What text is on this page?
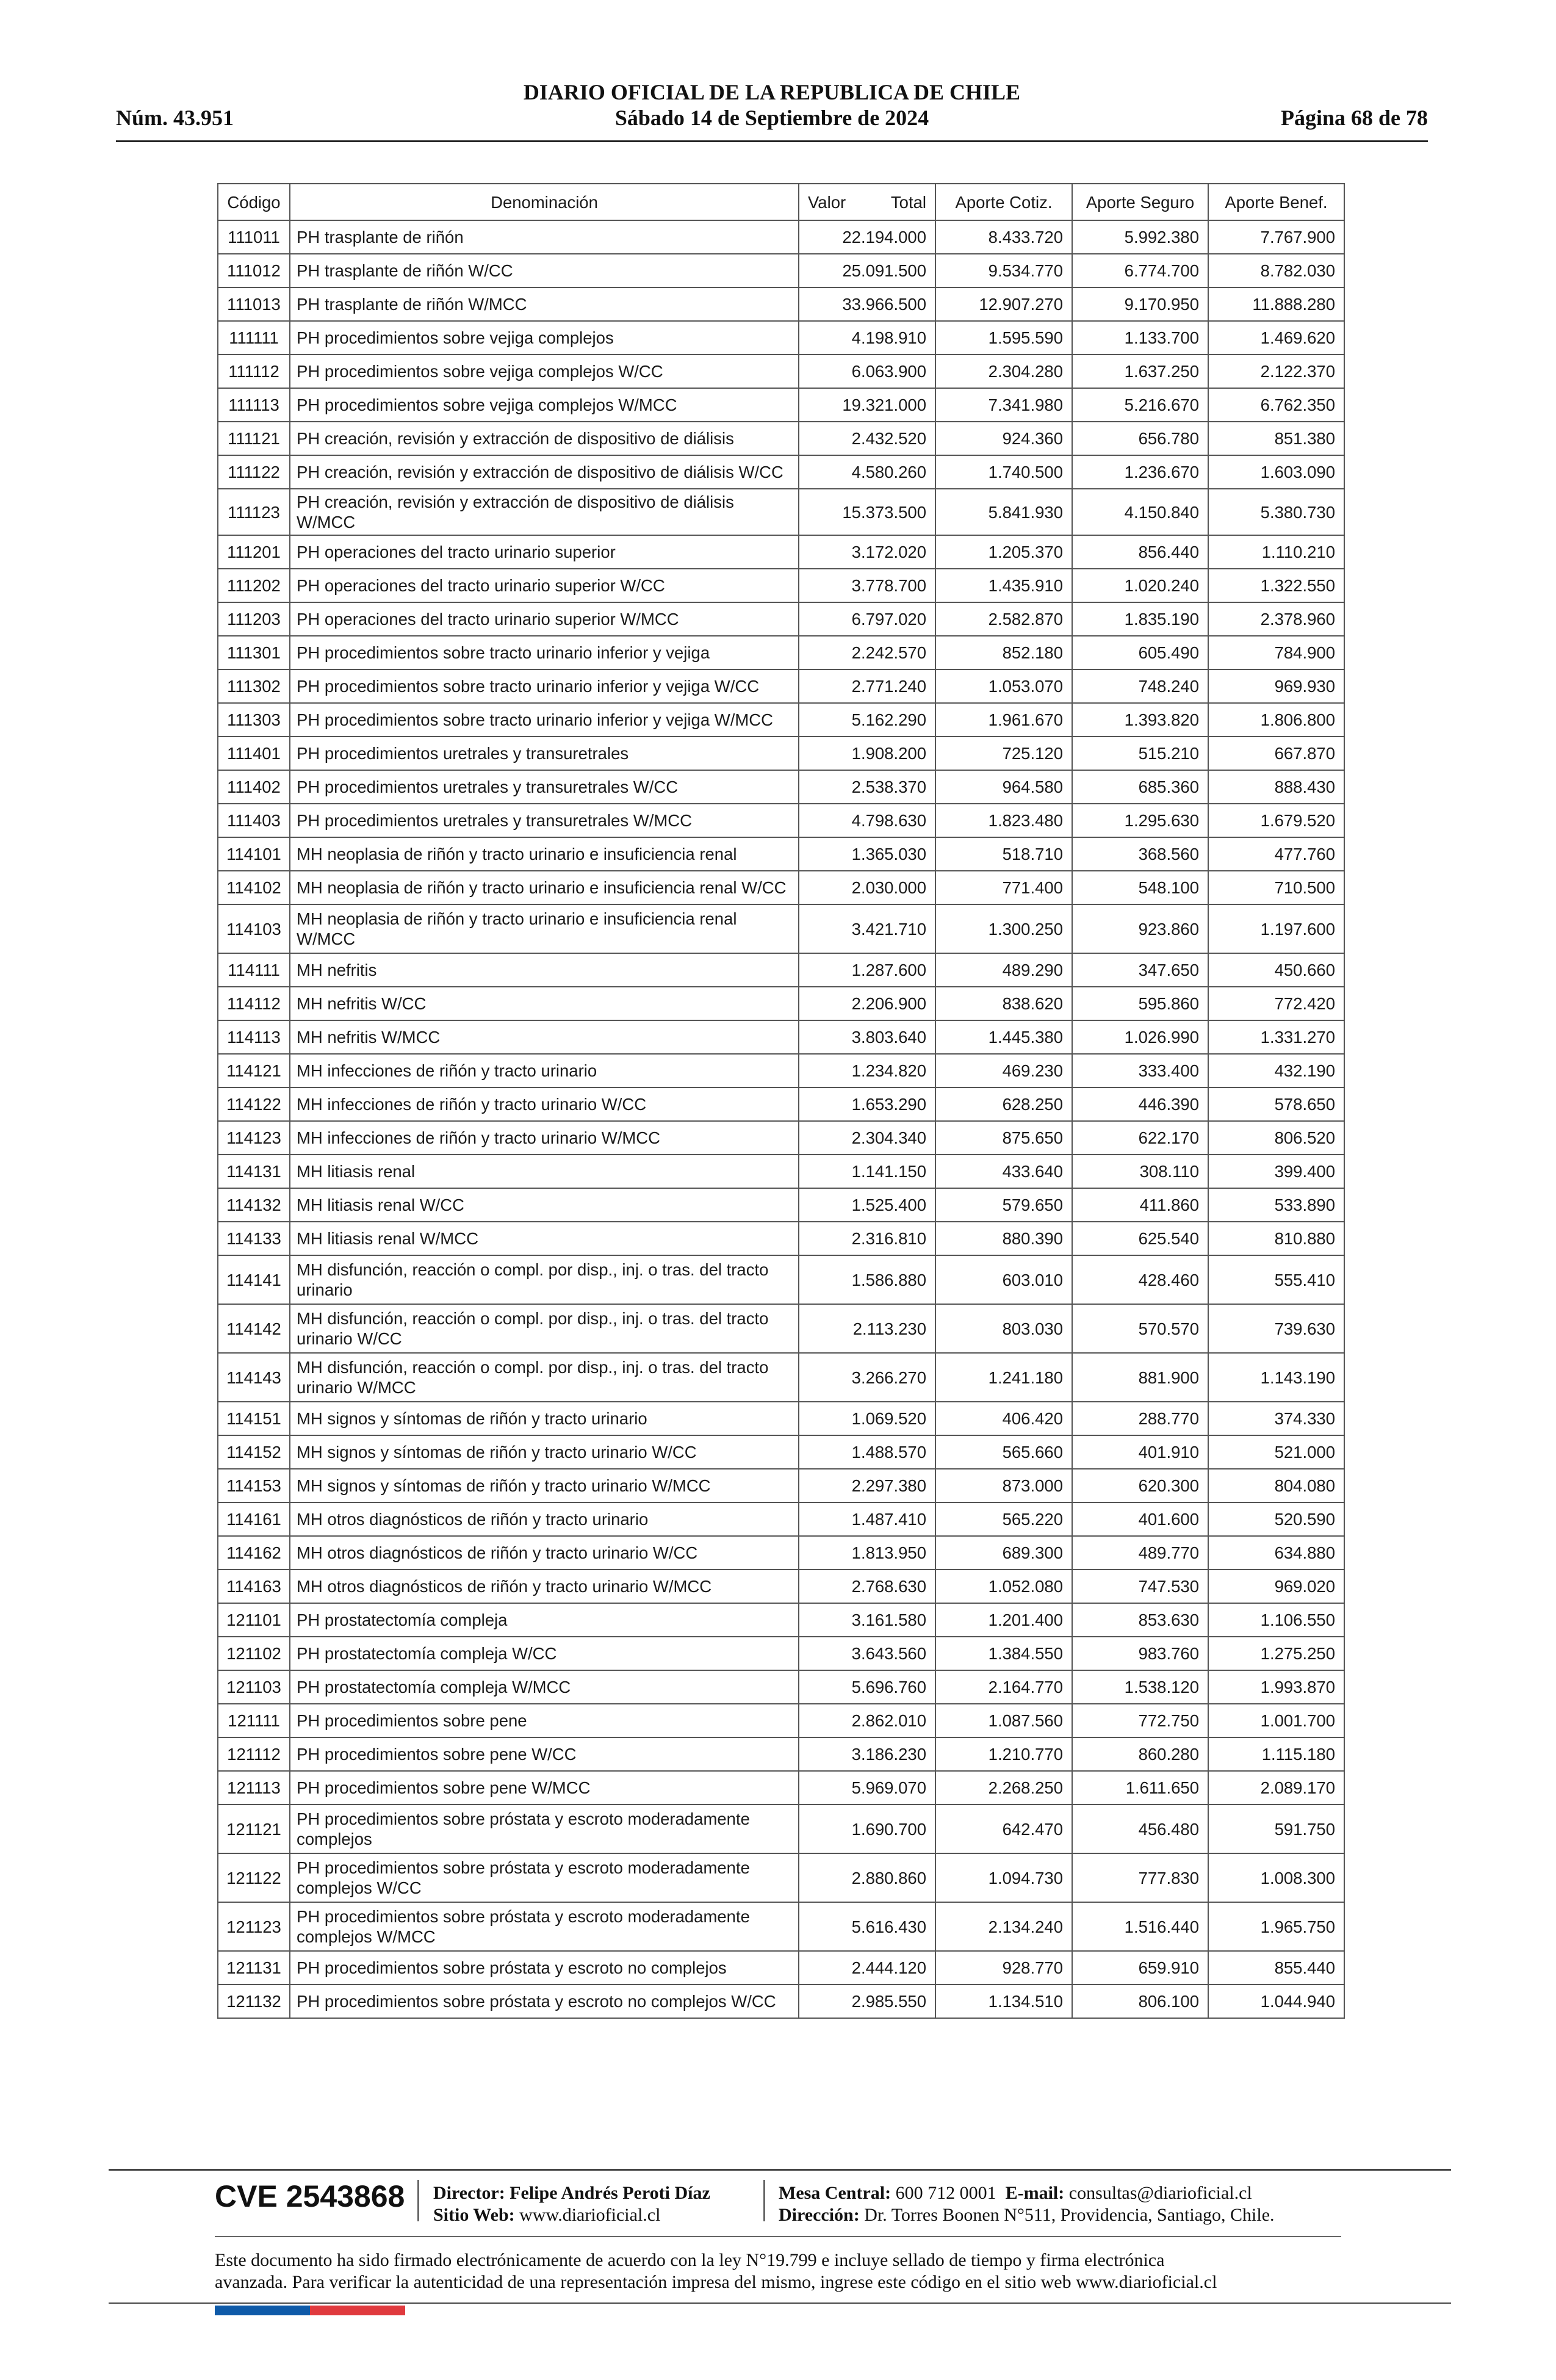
DIARIO OFICIAL DE LA REPUBLICA DE CHILE
Núm. 43.951	Sábado 14 de Septiembre de 2024	Página 68 de 78
Código	Denominación	Valor Total	Aporte Cotiz.	Aporte Seguro	Aporte Benef.
111011	PH trasplante de riñón	22.194.000	8.433.720	5.992.380	7.767.900
111012	PH trasplante de riñón W/CC	25.091.500	9.534.770	6.774.700	8.782.030
111013	PH trasplante de riñón W/MCC	33.966.500	12.907.270	9.170.950	11.888.280
111111	PH procedimientos sobre vejiga complejos	4.198.910	1.595.590	1.133.700	1.469.620
111112	PH procedimientos sobre vejiga complejos W/CC	6.063.900	2.304.280	1.637.250	2.122.370
111113	PH procedimientos sobre vejiga complejos W/MCC	19.321.000	7.341.980	5.216.670	6.762.350
111121	PH creación, revisión y extracción de dispositivo de diálisis	2.432.520	924.360	656.780	851.380
111122	PH creación, revisión y extracción de dispositivo de diálisis W/CC	4.580.260	1.740.500	1.236.670	1.603.090
111123	PH creación, revisión y extracción de dispositivo de diálisis W/MCC	15.373.500	5.841.930	4.150.840	5.380.730
111201	PH operaciones del tracto urinario superior	3.172.020	1.205.370	856.440	1.110.210
111202	PH operaciones del tracto urinario superior W/CC	3.778.700	1.435.910	1.020.240	1.322.550
111203	PH operaciones del tracto urinario superior W/MCC	6.797.020	2.582.870	1.835.190	2.378.960
111301	PH procedimientos sobre tracto urinario inferior y vejiga	2.242.570	852.180	605.490	784.900
111302	PH procedimientos sobre tracto urinario inferior y vejiga W/CC	2.771.240	1.053.070	748.240	969.930
111303	PH procedimientos sobre tracto urinario inferior y vejiga W/MCC	5.162.290	1.961.670	1.393.820	1.806.800
111401	PH procedimientos uretrales y transuretrales	1.908.200	725.120	515.210	667.870
111402	PH procedimientos uretrales y transuretrales W/CC	2.538.370	964.580	685.360	888.430
111403	PH procedimientos uretrales y transuretrales W/MCC	4.798.630	1.823.480	1.295.630	1.679.520
114101	MH neoplasia de riñón y tracto urinario e insuficiencia renal	1.365.030	518.710	368.560	477.760
114102	MH neoplasia de riñón y tracto urinario e insuficiencia renal W/CC	2.030.000	771.400	548.100	710.500
114103	MH neoplasia de riñón y tracto urinario e insuficiencia renal W/MCC	3.421.710	1.300.250	923.860	1.197.600
114111	MH nefritis	1.287.600	489.290	347.650	450.660
114112	MH nefritis W/CC	2.206.900	838.620	595.860	772.420
114113	MH nefritis W/MCC	3.803.640	1.445.380	1.026.990	1.331.270
114121	MH infecciones de riñón y tracto urinario	1.234.820	469.230	333.400	432.190
114122	MH infecciones de riñón y tracto urinario W/CC	1.653.290	628.250	446.390	578.650
114123	MH infecciones de riñón y tracto urinario W/MCC	2.304.340	875.650	622.170	806.520
114131	MH litiasis renal	1.141.150	433.640	308.110	399.400
114132	MH litiasis renal W/CC	1.525.400	579.650	411.860	533.890
114133	MH litiasis renal W/MCC	2.316.810	880.390	625.540	810.880
114141	MH disfunción, reacción o compl. por disp., inj. o tras. del tracto urinario	1.586.880	603.010	428.460	555.410
114142	MH disfunción, reacción o compl. por disp., inj. o tras. del tracto urinario W/CC	2.113.230	803.030	570.570	739.630
114143	MH disfunción, reacción o compl. por disp., inj. o tras. del tracto urinario W/MCC	3.266.270	1.241.180	881.900	1.143.190
114151	MH signos y síntomas de riñón y tracto urinario	1.069.520	406.420	288.770	374.330
114152	MH signos y síntomas de riñón y tracto urinario W/CC	1.488.570	565.660	401.910	521.000
114153	MH signos y síntomas de riñón y tracto urinario W/MCC	2.297.380	873.000	620.300	804.080
114161	MH otros diagnósticos de riñón y tracto urinario	1.487.410	565.220	401.600	520.590
114162	MH otros diagnósticos de riñón y tracto urinario W/CC	1.813.950	689.300	489.770	634.880
114163	MH otros diagnósticos de riñón y tracto urinario W/MCC	2.768.630	1.052.080	747.530	969.020
121101	PH prostatectomía compleja	3.161.580	1.201.400	853.630	1.106.550
121102	PH prostatectomía compleja W/CC	3.643.560	1.384.550	983.760	1.275.250
121103	PH prostatectomía compleja W/MCC	5.696.760	2.164.770	1.538.120	1.993.870
121111	PH procedimientos sobre pene	2.862.010	1.087.560	772.750	1.001.700
121112	PH procedimientos sobre pene W/CC	3.186.230	1.210.770	860.280	1.115.180
121113	PH procedimientos sobre pene W/MCC	5.969.070	2.268.250	1.611.650	2.089.170
121121	PH procedimientos sobre próstata y escroto moderadamente complejos	1.690.700	642.470	456.480	591.750
121122	PH procedimientos sobre próstata y escroto moderadamente complejos W/CC	2.880.860	1.094.730	777.830	1.008.300
121123	PH procedimientos sobre próstata y escroto moderadamente complejos W/MCC	5.616.430	2.134.240	1.516.440	1.965.750
121131	PH procedimientos sobre próstata y escroto no complejos	2.444.120	928.770	659.910	855.440
121132	PH procedimientos sobre próstata y escroto no complejos W/CC	2.985.550	1.134.510	806.100	1.044.940
CVE 2543868 Director: Felipe Andrés Peroti Díaz
Sitio Web: www.diarioficial.cl
Mesa Central: 600 712 0001 E-mail: consultas@diarioficial.cl
Dirección: Dr. Torres Boonen N°511, Providencia, Santiago, Chile.
Este documento ha sido firmado electrónicamente de acuerdo con la ley N°19.799 e incluye sellado de tiempo y firma electrónica
avanzada. Para verificar la autenticidad de una representación impresa del mismo, ingrese este código en el sitio web www.diarioficial.cl
